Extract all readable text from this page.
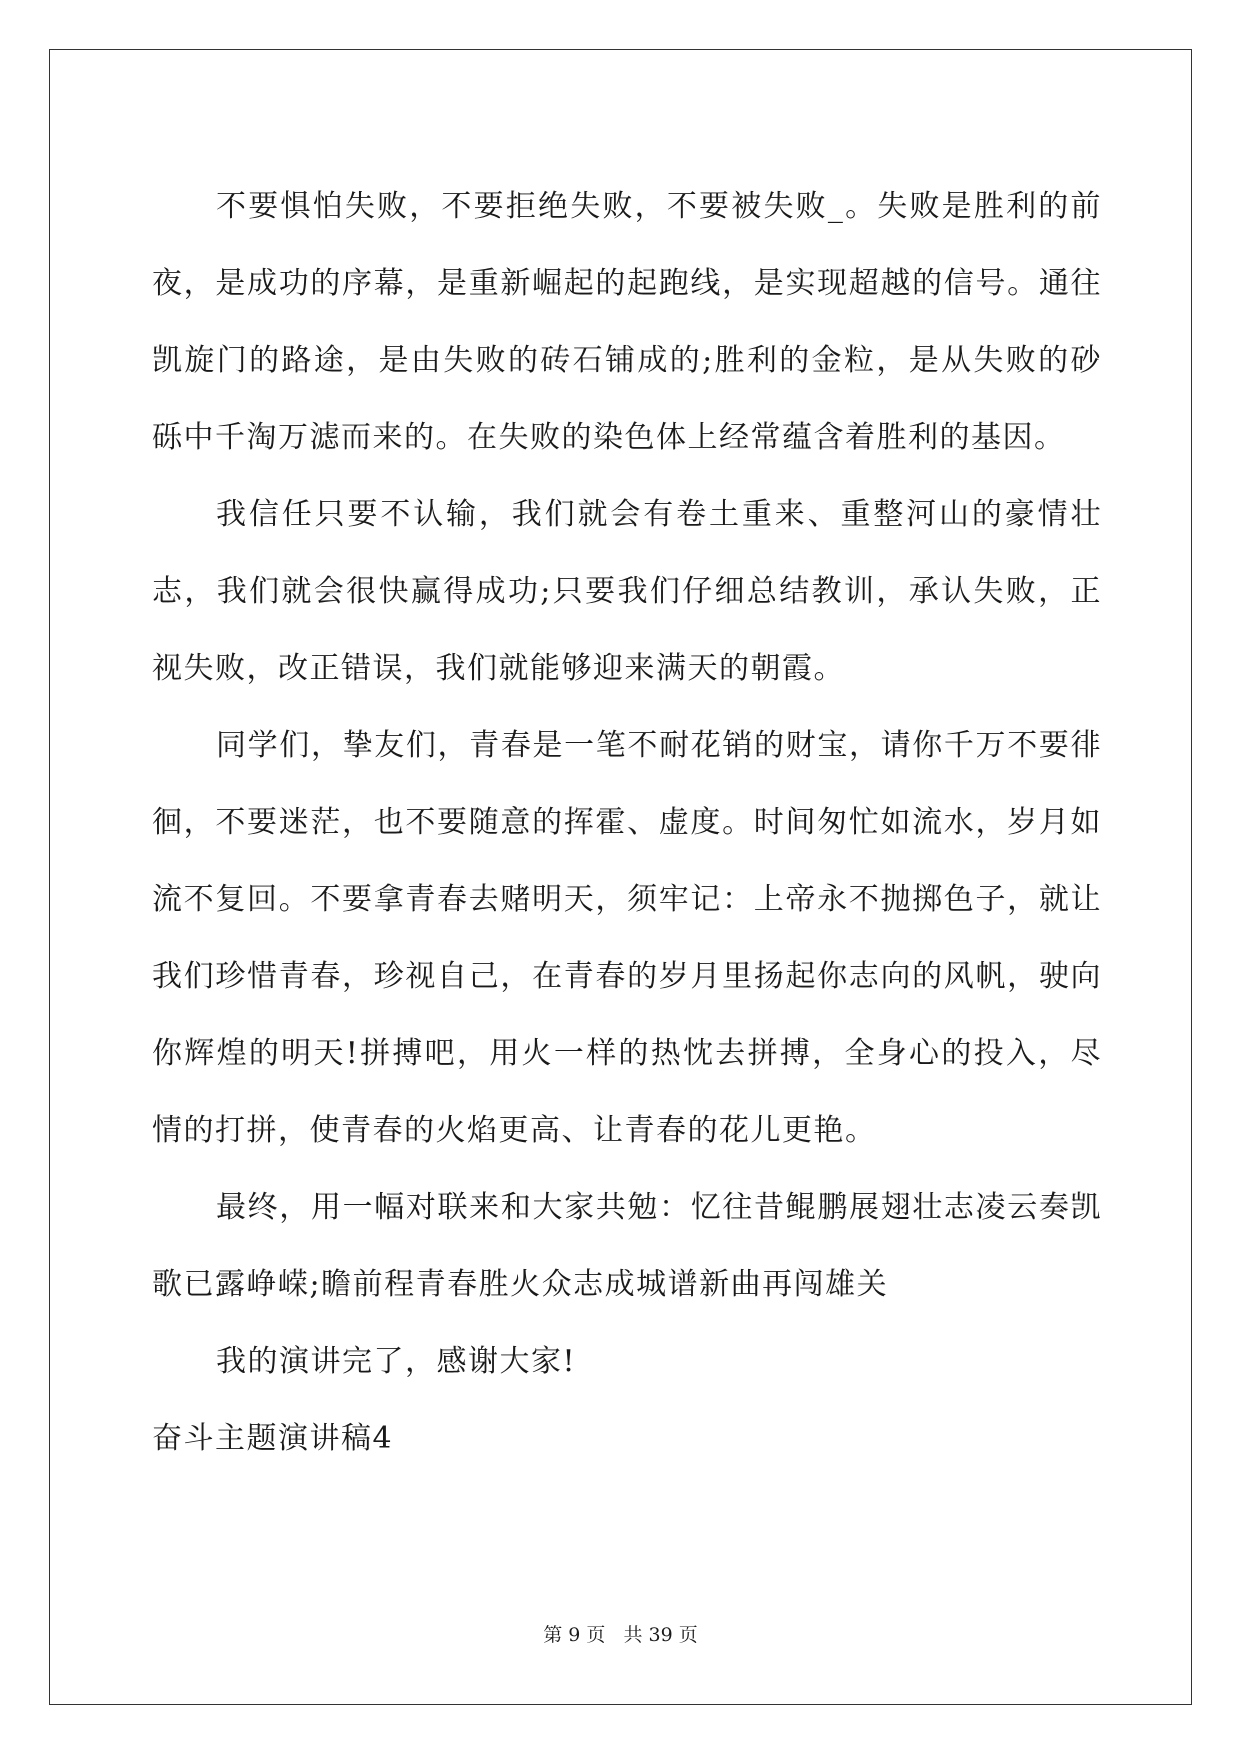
不要惧怕失败，不要拒绝失败，不要被失败_。失败是胜利的前夜，是成功的序幕，是重新崛起的起跑线，是实现超越的信号。通往凯旋门的路途，是由失败的砖石铺成的;胜利的金粒，是从失败的砂砾中千淘万滤而来的。在失败的染色体上经常蕴含着胜利的基因。

我信任只要不认输，我们就会有卷土重来、重整河山的豪情壮志，我们就会很快赢得成功;只要我们仔细总结教训，承认失败，正视失败，改正错误，我们就能够迎来满天的朝霞。

同学们，挚友们，青春是一笔不耐花销的财宝，请你千万不要徘徊，不要迷茫，也不要随意的挥霍、虚度。时间匆忙如流水，岁月如流不复回。不要拿青春去赌明天，须牢记：上帝永不抛掷色子，就让我们珍惜青春，珍视自己，在青春的岁月里扬起你志向的风帆，驶向你辉煌的明天!拼搏吧，用火一样的热忱去拼搏，全身心的投入，尽情的打拼，使青春的火焰更高、让青春的花儿更艳。

最终，用一幅对联来和大家共勉：忆往昔鲲鹏展翅壮志凌云奏凯歌已露峥嵘;瞻前程青春胜火众志成城谱新曲再闯雄关

我的演讲完了，感谢大家!

奋斗主题演讲稿4

第 9 页 共 39 页
